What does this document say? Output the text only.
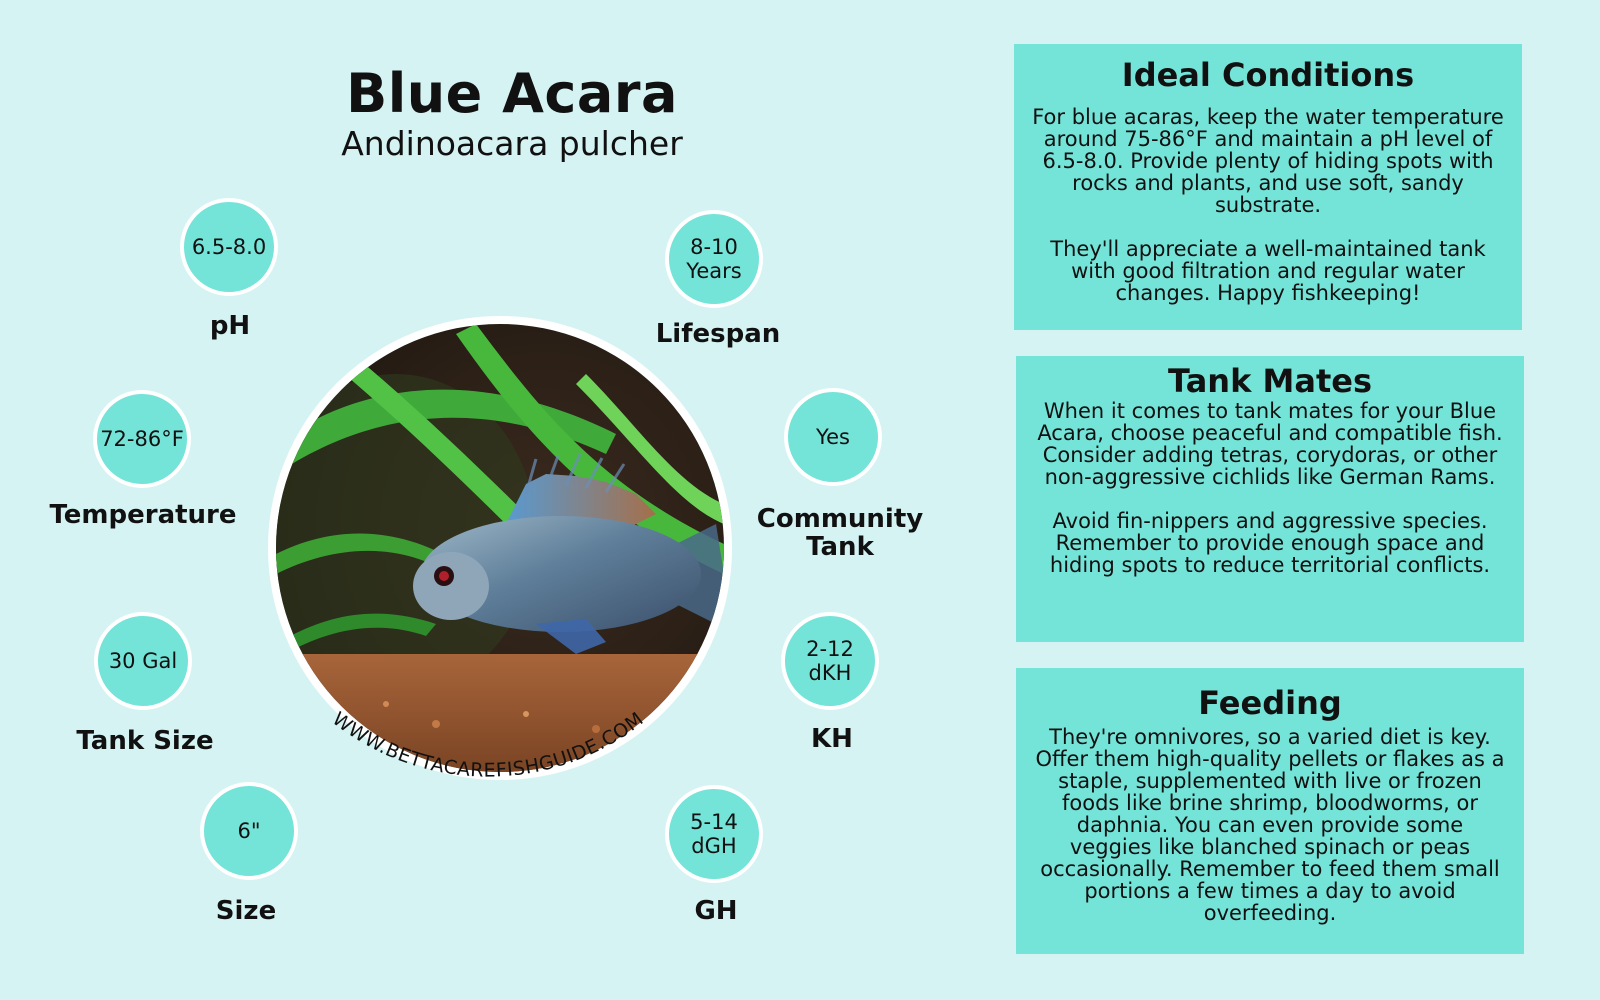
Blue Acara
Andinoacara pulcher
6.5-8.0
pH
8-10
Years
Lifespan
72-86°F
Temperature
Yes
Community
Tank
30 Gal
Tank Size
2-12
dKH
KH
6"
Size
5-14
dGH
GH
WWW.BETTACAREFISHGUIDE.COM
Ideal Conditions

For blue acaras, keep the water temperature around 75-86°F and maintain a pH level of 6.5-8.0. Provide plenty of hiding spots with rocks and plants, and use soft, sandy substrate.

They'll appreciate a well-maintained tank with good filtration and regular water changes. Happy fishkeeping!

Tank Mates

When it comes to tank mates for your Blue Acara, choose peaceful and compatible fish. Consider adding tetras, corydoras, or other non-aggressive cichlids like German Rams.

Avoid fin-nippers and aggressive species. Remember to provide enough space and hiding spots to reduce territorial conflicts.

Feeding

They're omnivores, so a varied diet is key. Offer them high-quality pellets or flakes as a staple, supplemented with live or frozen foods like brine shrimp, bloodworms, or daphnia. You can even provide some veggies like blanched spinach or peas occasionally. Remember to feed them small portions a few times a day to avoid overfeeding.
